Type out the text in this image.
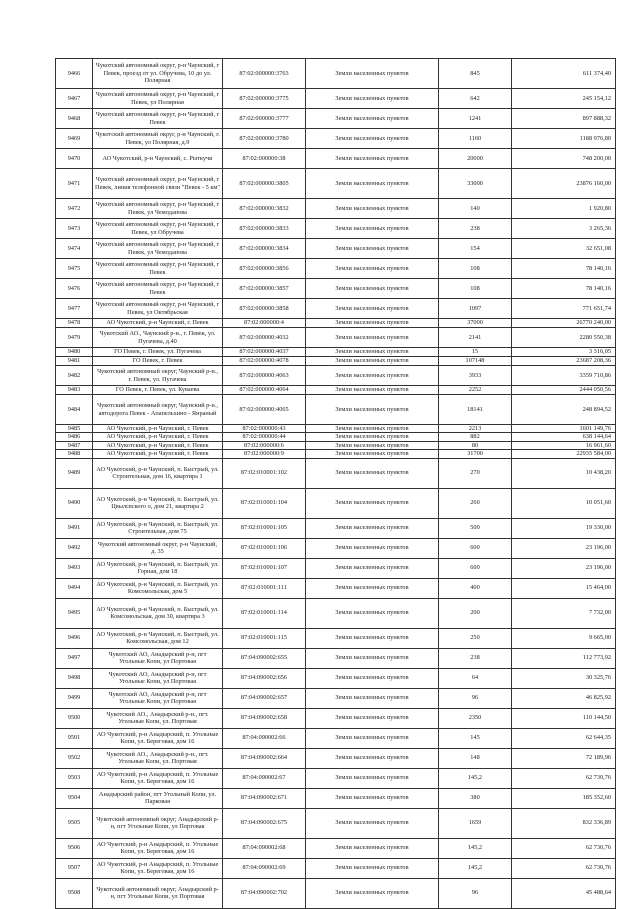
9466	Чукотский автономный округ, р-н Чаунский, г Певек, проезд от ул. Обручева, 10 до ул. Полярная	87:02:000000:3763	Земли населенных пунктов	845	611 374,40
9467	Чукотский автономный округ, р-н Чаунский, г Певек, ул Полярная	87:02:000000:3775	Земли населенных пунктов	642	245 154,12
9468	Чукотский автономный округ, р-н Чаунский, г Певек	87:02:000000:3777	Земли населенных пунктов	1241	897 888,32
9469	Чукотский автономный округ, р-н Чаунский, г. Певек, ул Полярная, д.9	87:02:000000:3780	Земли населенных пунктов	1160	1188 976,80
9470	АО Чукотский, р-н Чаунский, с. Рыткучи	87:02:000000:38	Земли населенных пунктов	20000	748 200,00
9471	Чукотский автономный округ, р-н Чаунский, г Певек, линия телефонной связи "Певек - 5 км"	87:02:000000:3805	Земли населенных пунктов	33000	23876 160,00
9472	Чукотский автономный округ, р-н Чаунский, г Певек, ул Чемоданова	87:02:000000:3832	Земли населенных пунктов	140	1 920,80
9473	Чукотский автономный округ, р-н Чаунский, г Певек, ул Обручева	87:02:000000:3833	Земли населенных пунктов	238	3 265,36
9474	Чукотский автономный округ, р-н Чаунский, г Певек, ул Чемоданова	87:02:000000:3834	Земли населенных пунктов	154	32 651,08
9475	Чукотский автономный округ, р-н Чаунский, г Певек	87:02:000000:3856	Земли населенных пунктов	108	78 140,16
9476	Чукотский автономный округ, р-н Чаунский, г Певек	87:02:000000:3857	Земли населенных пунктов	108	78 140,16
9477	Чукотский автономный округ, р-н Чаунский, г Певек, ул Октябрьская	87:02:000000:3858	Земли населенных пунктов	1097	771 651,74
9478	АО Чукотский, р-н Чаунский, г. Певек	87:02:000000:4	Земли населенных пунктов	37000	26770 240,00
9479	Чукотский АО., Чаунский р-н., г. Певек, ул. Пугачева, д.40	87:02:000000:4032	Земли населенных пунктов	2141	2280 550,38
9480	ГО Певек, г. Певек, ул. Пугачева	87:02:000000:4037	Земли населенных пунктов	15	3 316,05
9481	ГО Певек, г. Певек	87:02:000000:4078	Земли населенных пунктов	107148	23687 208,36
9482	Чукотский автономный округ, Чаунский р-н., г. Певек, ул. Пугачева	87:02:000000:4063	Земли населенных пунктов	3933	3359 710,86
9483	ГО Певек, г. Певек, ул. Куваева	87:02:000000:4064	Земли населенных пунктов	2252	2444 050,56
9484	Чукотский автономный округ, Чаунский р-н., автодорога Певек - Апапельхино - Янраный	87:02:000000:4065	Земли населенных пунктов	18141	248 894,52
9485	АО Чукотский, р-н Чаунский, г. Певек	87:02:000000:43	Земли населенных пунктов	2213	1601 149,76
9486	АО Чукотский, р-н Чаунский, г. Певек	87:02:000000:44	Земли населенных пунктов	882	638 144,64
9487	АО Чукотский, р-н Чаунский, г. Певек	87:02:000000:6	Земли населенных пунктов	80	16 961,60
9488	АО Чукотский, р-н Чаунский, г. Певек	87:02:000000:9	Земли населенных пунктов	31700	22935 584,00
9489	АО Чукотский, р-н Чаунский, п. Быстрый, ул. Строительная, дом 16, квартира 1	87:02:010001:102	Земли населенных пунктов	270	10 438,20
9490	АО Чукотский, р-н Чаунский, п. Быстрый, ул. Цвылсвского о, дом 21, квартира 2	87:02:010001:104	Земли населенных пунктов	260	10 051,60
9491	АО Чукотский, р-н Чаунский, п. Быстрый, ул. Строительная, дом 75	87:02:010001:105	Земли населенных пунктов	500	19 330,00
9492	Чукотский автономный округ, р-н Чаунский, д. 35	87:02:010001:106	Земли населенных пунктов	600	23 196,00
9493	АО Чукотский, р-н Чаунский, п. Быстрый, ул. Горная, дом 18	87:02:010001:107	Земли населенных пунктов	600	23 196,00
9494	АО Чукотский, р-н Чаунский, п. Быстрый, ул. Комсомольская, дом 5	87:02:010001:111	Земли населенных пунктов	400	15 464,00
9495	АО Чукотский, р-н Чаунский, п. Быстрый, ул. Комсомольская, дом 30, квартира 3	87:02:010001:114	Земли населенных пунктов	200	7 732,00
9496	АО Чукотский, р-н Чаунский, п. Быстрый, ул. Комсомольская, дом 12	87:02:010001:115	Земли населенных пунктов	250	9 665,00
9497	Чукотский АО, Анадырский р-н, пгт Угольные Копи, ул Портовая	87:04:090002:655	Земли населенных пунктов	238	112 773,92
9498	Чукотский АО, Анадырский р-н, пгт Угольные Копи, ул Портовая	87:04:090002:656	Земли населенных пунктов	64	30 325,76
9499	Чукотский АО, Анадырский р-н, пгт Угольные Копи, ул Портовая	87:04:090002:657	Земли населенных пунктов	96	46 825,92
9500	Чукотский АО., Анадырский р-н., пгт. Угольные Копи, ул. Портовая	87:04:090002:658	Земли населенных пунктов	2350	110 144,50
9501	АО Чукотский, р-н Анадырский, п. Угольные Копи, ул. Береговая, дом 16	87:04:090002:66	Земли населенных пунктов	145	62 644,35
9502	Чукотский АО., Анадырский р-н., пгт. Угольные Копи, ул. Портовая	87:04:090002:664	Земли населенных пунктов	148	72 189,96
9503	АО Чукотский, р-н Анадырский, п. Угольные Копи, ул. Береговая, дом 16	87:04:090002:67	Земли населенных пунктов	145,2	62 730,76
9504	Анадырский район, пгт Угольный Копи, ул. Парковая	87:04:090002:671	Земли населенных пунктов	380	185 352,60
9505	Чукотский автономный округ, Анадырский р-н, пгт Угольные Копи, ул Портовая	87:04:090002:675	Земли населенных пунктов	1659	832 336,89
9506	АО Чукотский, р-н Анадырский, п. Угольные Копи, ул. Береговая, дом 16	87:04:090002:68	Земли населенных пунктов	145,2	62 730,76
9507	АО Чукотский, р-н Анадырский, п. Угольные Копи, ул. Береговая, дом 16	87:04:090002:69	Земли населенных пунктов	145,2	62 730,76
9508	Чукотский автономный округ, Анадырский р-н, пгт Угольные Копи, ул Портовая	87:04:090002:702	Земли населенных пунктов	96	45 488,64
